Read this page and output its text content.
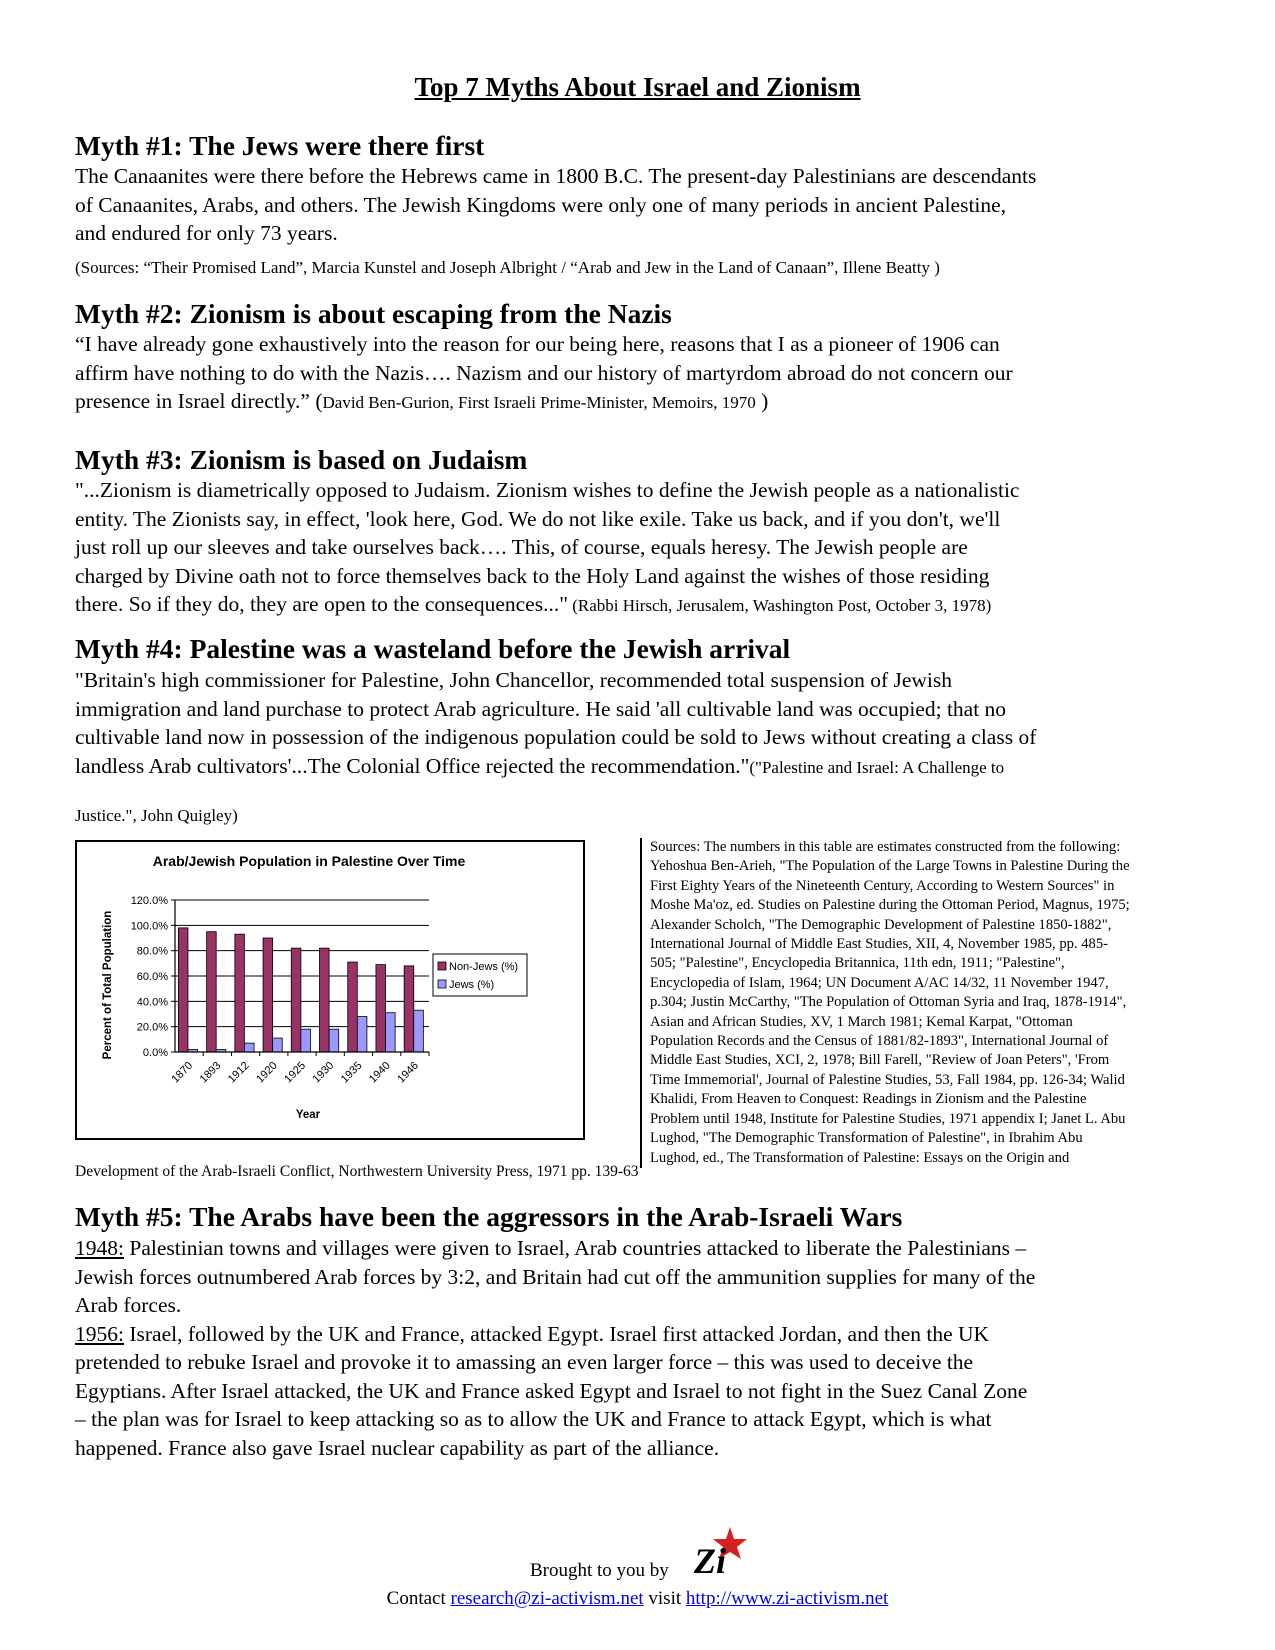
Top 7 Myths About Israel and Zionism
Myth #1: The Jews were there first
The Canaanites were there before the Hebrews came in 1800 B.C. The present-day Palestinians are descendants
of Canaanites, Arabs, and others. The Jewish Kingdoms were only one of many periods in ancient Palestine,
and endured for only 73 years.
(Sources: “Their Promised Land”, Marcia Kunstel and Joseph Albright / “Arab and Jew in the Land of Canaan”, Illene Beatty )
Myth #2: Zionism is about escaping from the Nazis
“I have already gone exhaustively into the reason for our being here, reasons that I as a pioneer of 1906 can
affirm have nothing to do with the Nazis…. Nazism and our history of martyrdom abroad do not concern our
presence in Israel directly.” (David Ben-Gurion, First Israeli Prime-Minister, Memoirs, 1970 )
Myth #3: Zionism is based on Judaism
"...Zionism is diametrically opposed to Judaism. Zionism wishes to define the Jewish people as a nationalistic
entity. The Zionists say, in effect, 'look here, God. We do not like exile. Take us back, and if you don't, we'll
just roll up our sleeves and take ourselves back…. This, of course, equals heresy. The Jewish people are
charged by Divine oath not to force themselves back to the Holy Land against the wishes of those residing
there. So if they do, they are open to the consequences..." (Rabbi Hirsch, Jerusalem, Washington Post, October 3, 1978)
Myth #4: Palestine was a wasteland before the Jewish arrival
"Britain's high commissioner for Palestine, John Chancellor, recommended total suspension of Jewish
immigration and land purchase to protect Arab agriculture. He said 'all cultivable land was occupied; that no
cultivable land now in possession of the indigenous population could be sold to Jews without creating a class of
landless Arab cultivators'...The Colonial Office rejected the recommendation."("Palestine and Israel: A Challenge to
Justice.", John Quigley)
Arab/Jewish Population in Palestine Over Time
Percent of Total Population
Year
0.0%
20.0%
40.0%
60.0%
80.0%
100.0%
120.0%
1870 1893 1912 1920 1925 1930 1935 1940 1946
Non-Jews (%)
Jews (%)
Sources: The numbers in this table are estimates constructed from the following:
Yehoshua Ben-Arieh, "The Population of the Large Towns in Palestine During the
First Eighty Years of the Nineteenth Century, According to Western Sources" in
Moshe Ma'oz, ed. Studies on Palestine during the Ottoman Period, Magnus, 1975;
Alexander Scholch, "The Demographic Development of Palestine 1850-1882",
International Journal of Middle East Studies, XII, 4, November 1985, pp. 485-
505; "Palestine", Encyclopedia Britannica, 11th edn, 1911; "Palestine",
Encyclopedia of Islam, 1964; UN Document A/AC 14/32, 11 November 1947,
p.304; Justin McCarthy, "The Population of Ottoman Syria and Iraq, 1878-1914",
Asian and African Studies, XV, 1 March 1981; Kemal Karpat, "Ottoman
Population Records and the Census of 1881/82-1893", International Journal of
Middle East Studies, XCI, 2, 1978; Bill Farell, "Review of Joan Peters", 'From
Time Immemorial', Journal of Palestine Studies, 53, Fall 1984, pp. 126-34; Walid
Khalidi, From Heaven to Conquest: Readings in Zionism and the Palestine
Problem until 1948, Institute for Palestine Studies, 1971 appendix I; Janet L. Abu
Lughod, "The Demographic Transformation of Palestine", in Ibrahim Abu
Lughod, ed., The Transformation of Palestine: Essays on the Origin and
Development of the Arab-Israeli Conflict, Northwestern University Press, 1971 pp. 139-63
Myth #5: The Arabs have been the aggressors in the Arab-Israeli Wars
1948: Palestinian towns and villages were given to Israel, Arab countries attacked to liberate the Palestinians –
Jewish forces outnumbered Arab forces by 3:2, and Britain had cut off the ammunition supplies for many of the
Arab forces.
1956: Israel, followed by the UK and France, attacked Egypt. Israel first attacked Jordan, and then the UK
pretended to rebuke Israel and provoke it to amassing an even larger force – this was used to deceive the
Egyptians. After Israel attacked, the UK and France asked Egypt and Israel to not fight in the Suez Canal Zone
– the plan was for Israel to keep attacking so as to allow the UK and France to attack Egypt, which is what
happened. France also gave Israel nuclear capability as part of the alliance.
Brought to you by Zi
Contact research@zi-activism.net visit http://www.zi-activism.net
